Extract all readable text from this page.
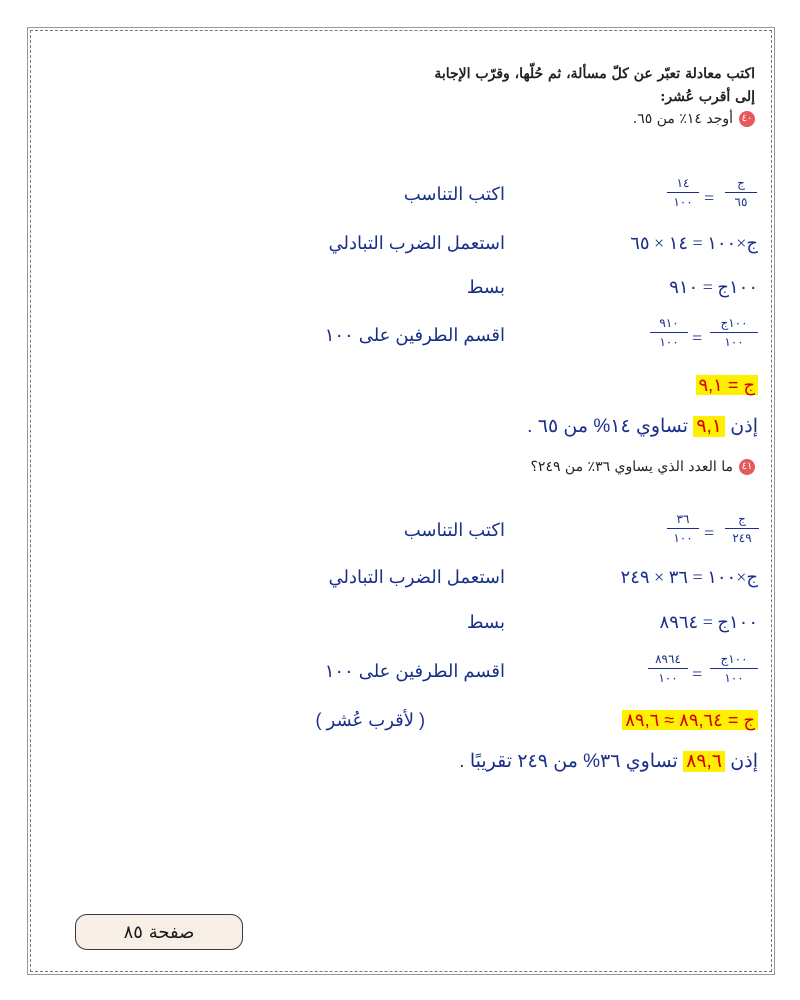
اكتب معادلة تعبّر عن كلّ مسألة، ثم حُلّها، وقرّب الإجابة
إلى أقرب عُشر:
٤٠أوجد ١٤٪ من ٦٥.
ج
٦٥
=
١٤
١٠٠
اكتب التناسب
ج×١٠٠ = ١٤ × ٦٥
استعمل الضرب التبادلي
١٠٠ج = ٩١٠
بسط
١٠٠ج
١٠٠
=
٩١٠
١٠٠
اقسم الطرفين على ١٠٠
ج = ٩,١
إذن ٩,١ تساوي ١٤% من ٦٥ .
٤١ما العدد الذي يساوي ٣٦٪ من ٢٤٩؟
ج
٢٤٩
=
٣٦
١٠٠
اكتب التناسب
ج×١٠٠ = ٣٦ × ٢٤٩
استعمل الضرب التبادلي
١٠٠ج = ٨٩٦٤
بسط
١٠٠ج
١٠٠
=
٨٩٦٤
١٠٠
اقسم الطرفين على ١٠٠
ج = ٨٩,٦٤ ≈ ٨٩,٦
( لأقرب عُشر )
إذن ٨٩,٦ تساوي ٣٦% من ٢٤٩ تقريبًا .
صفحة ٨٥
